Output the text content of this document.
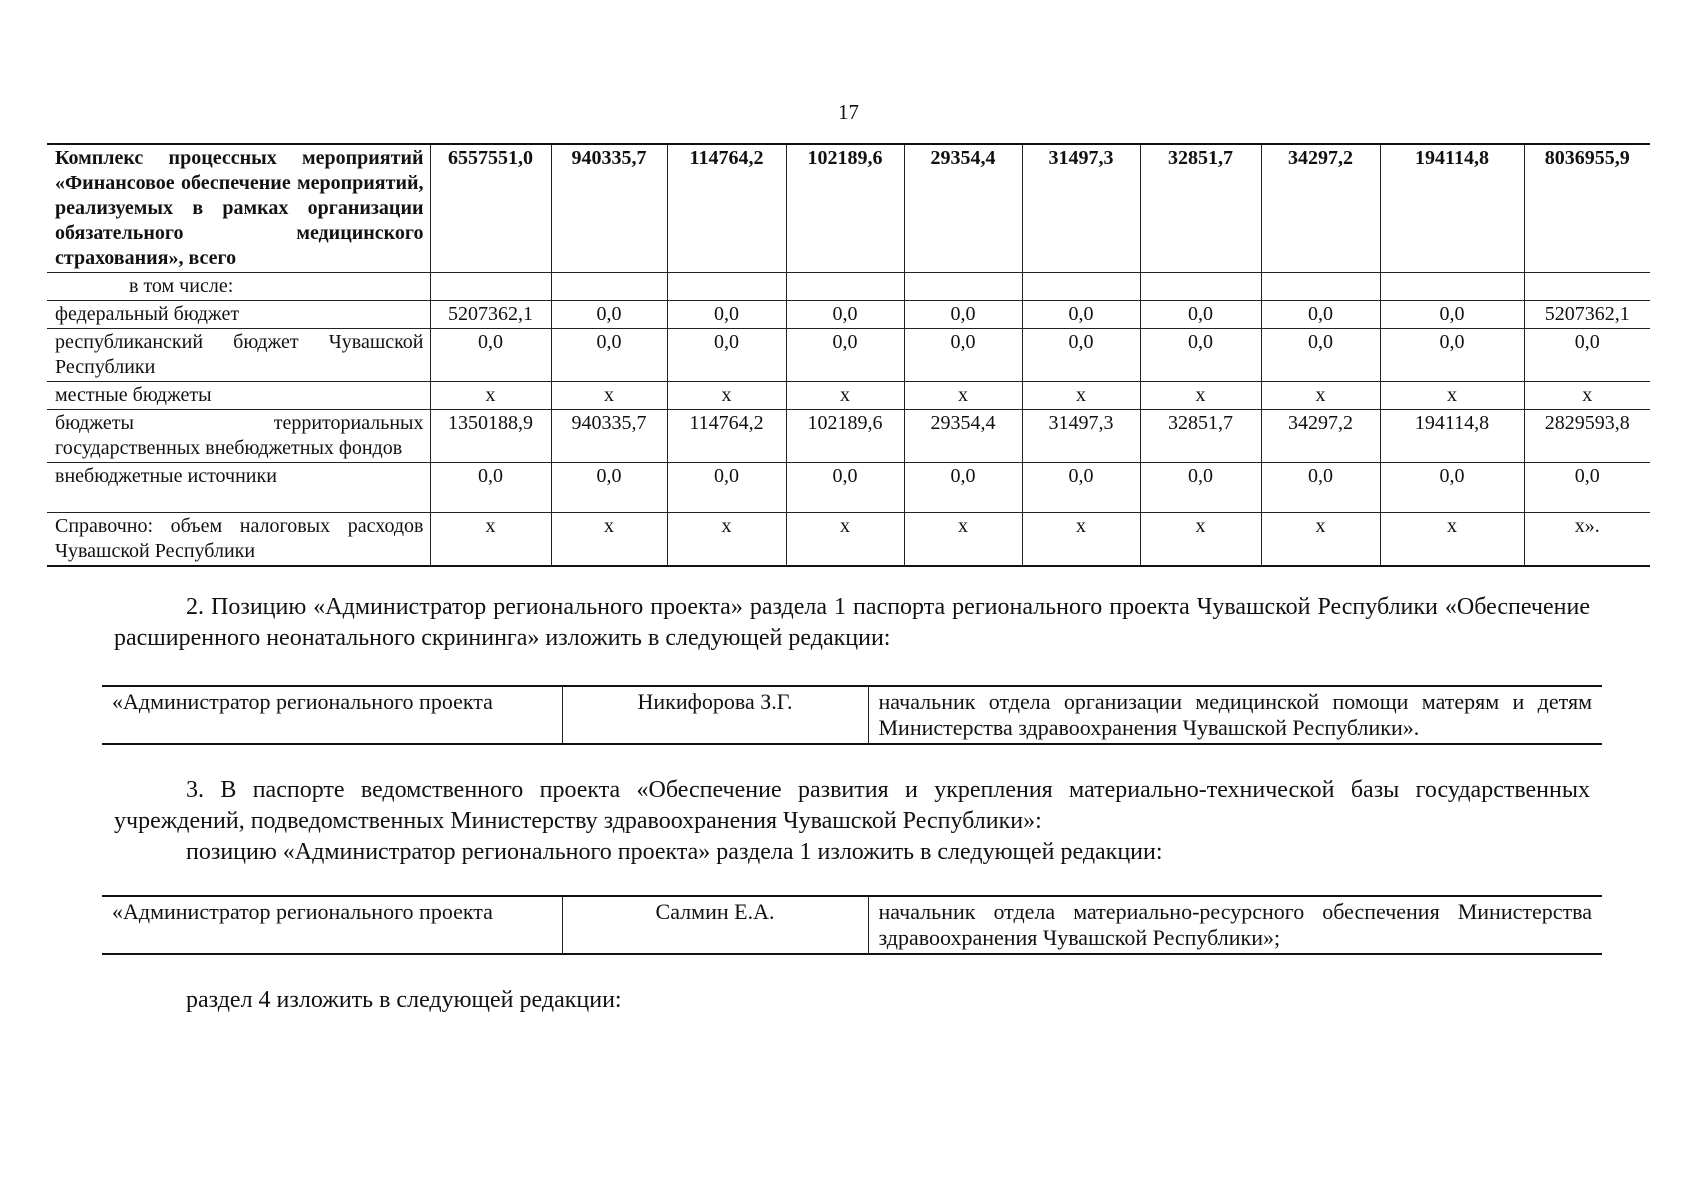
17
Комплекс процессных мероприятий «Финансовое обеспечение мероприятий, реализуемых в рамках организации обязательного медицинского страхования», всего	6557551,0	940335,7	114764,2	102189,6	29354,4	31497,3	32851,7	34297,2	194114,8	8036955,9
в том числе:										
федеральный бюджет	5207362,1	0,0	0,0	0,0	0,0	0,0	0,0	0,0	0,0	5207362,1
республиканский бюджет Чувашской Республики	0,0	0,0	0,0	0,0	0,0	0,0	0,0	0,0	0,0	0,0
местные бюджеты	х	х	х	х	х	х	х	х	х	х
бюджеты территориальных государственных внебюджетных фондов	1350188,9	940335,7	114764,2	102189,6	29354,4	31497,3	32851,7	34297,2	194114,8	2829593,8
внебюджетные источники	0,0	0,0	0,0	0,0	0,0	0,0	0,0	0,0	0,0	0,0
Справочно: объем налоговых расходов Чувашской Республики	х	х	х	х	х	х	х	х	х	х».

2. Позицию «Администратор регионального проекта» раздела 1 паспорта регионального проекта Чувашской Республики «Обеспечение расширенного неонатального скрининга» изложить в следующей редакции:

«Администратор регионального проекта	Никифорова З.Г.	начальник отдела организации медицинской помощи матерям и детям Министерства здравоохранения Чувашской Республики».

3. В паспорте ведомственного проекта «Обеспечение развития и укрепления материально-технической базы государственных учреждений, подведомственных Министерству здравоохранения Чувашской Республики»:

позицию «Администратор регионального проекта» раздела 1 изложить в следующей редакции:

«Администратор регионального проекта	Салмин Е.А.	начальник отдела материально-ресурсного обеспечения Министерства здравоохранения Чувашской Республики»;

раздел 4 изложить в следующей редакции:
